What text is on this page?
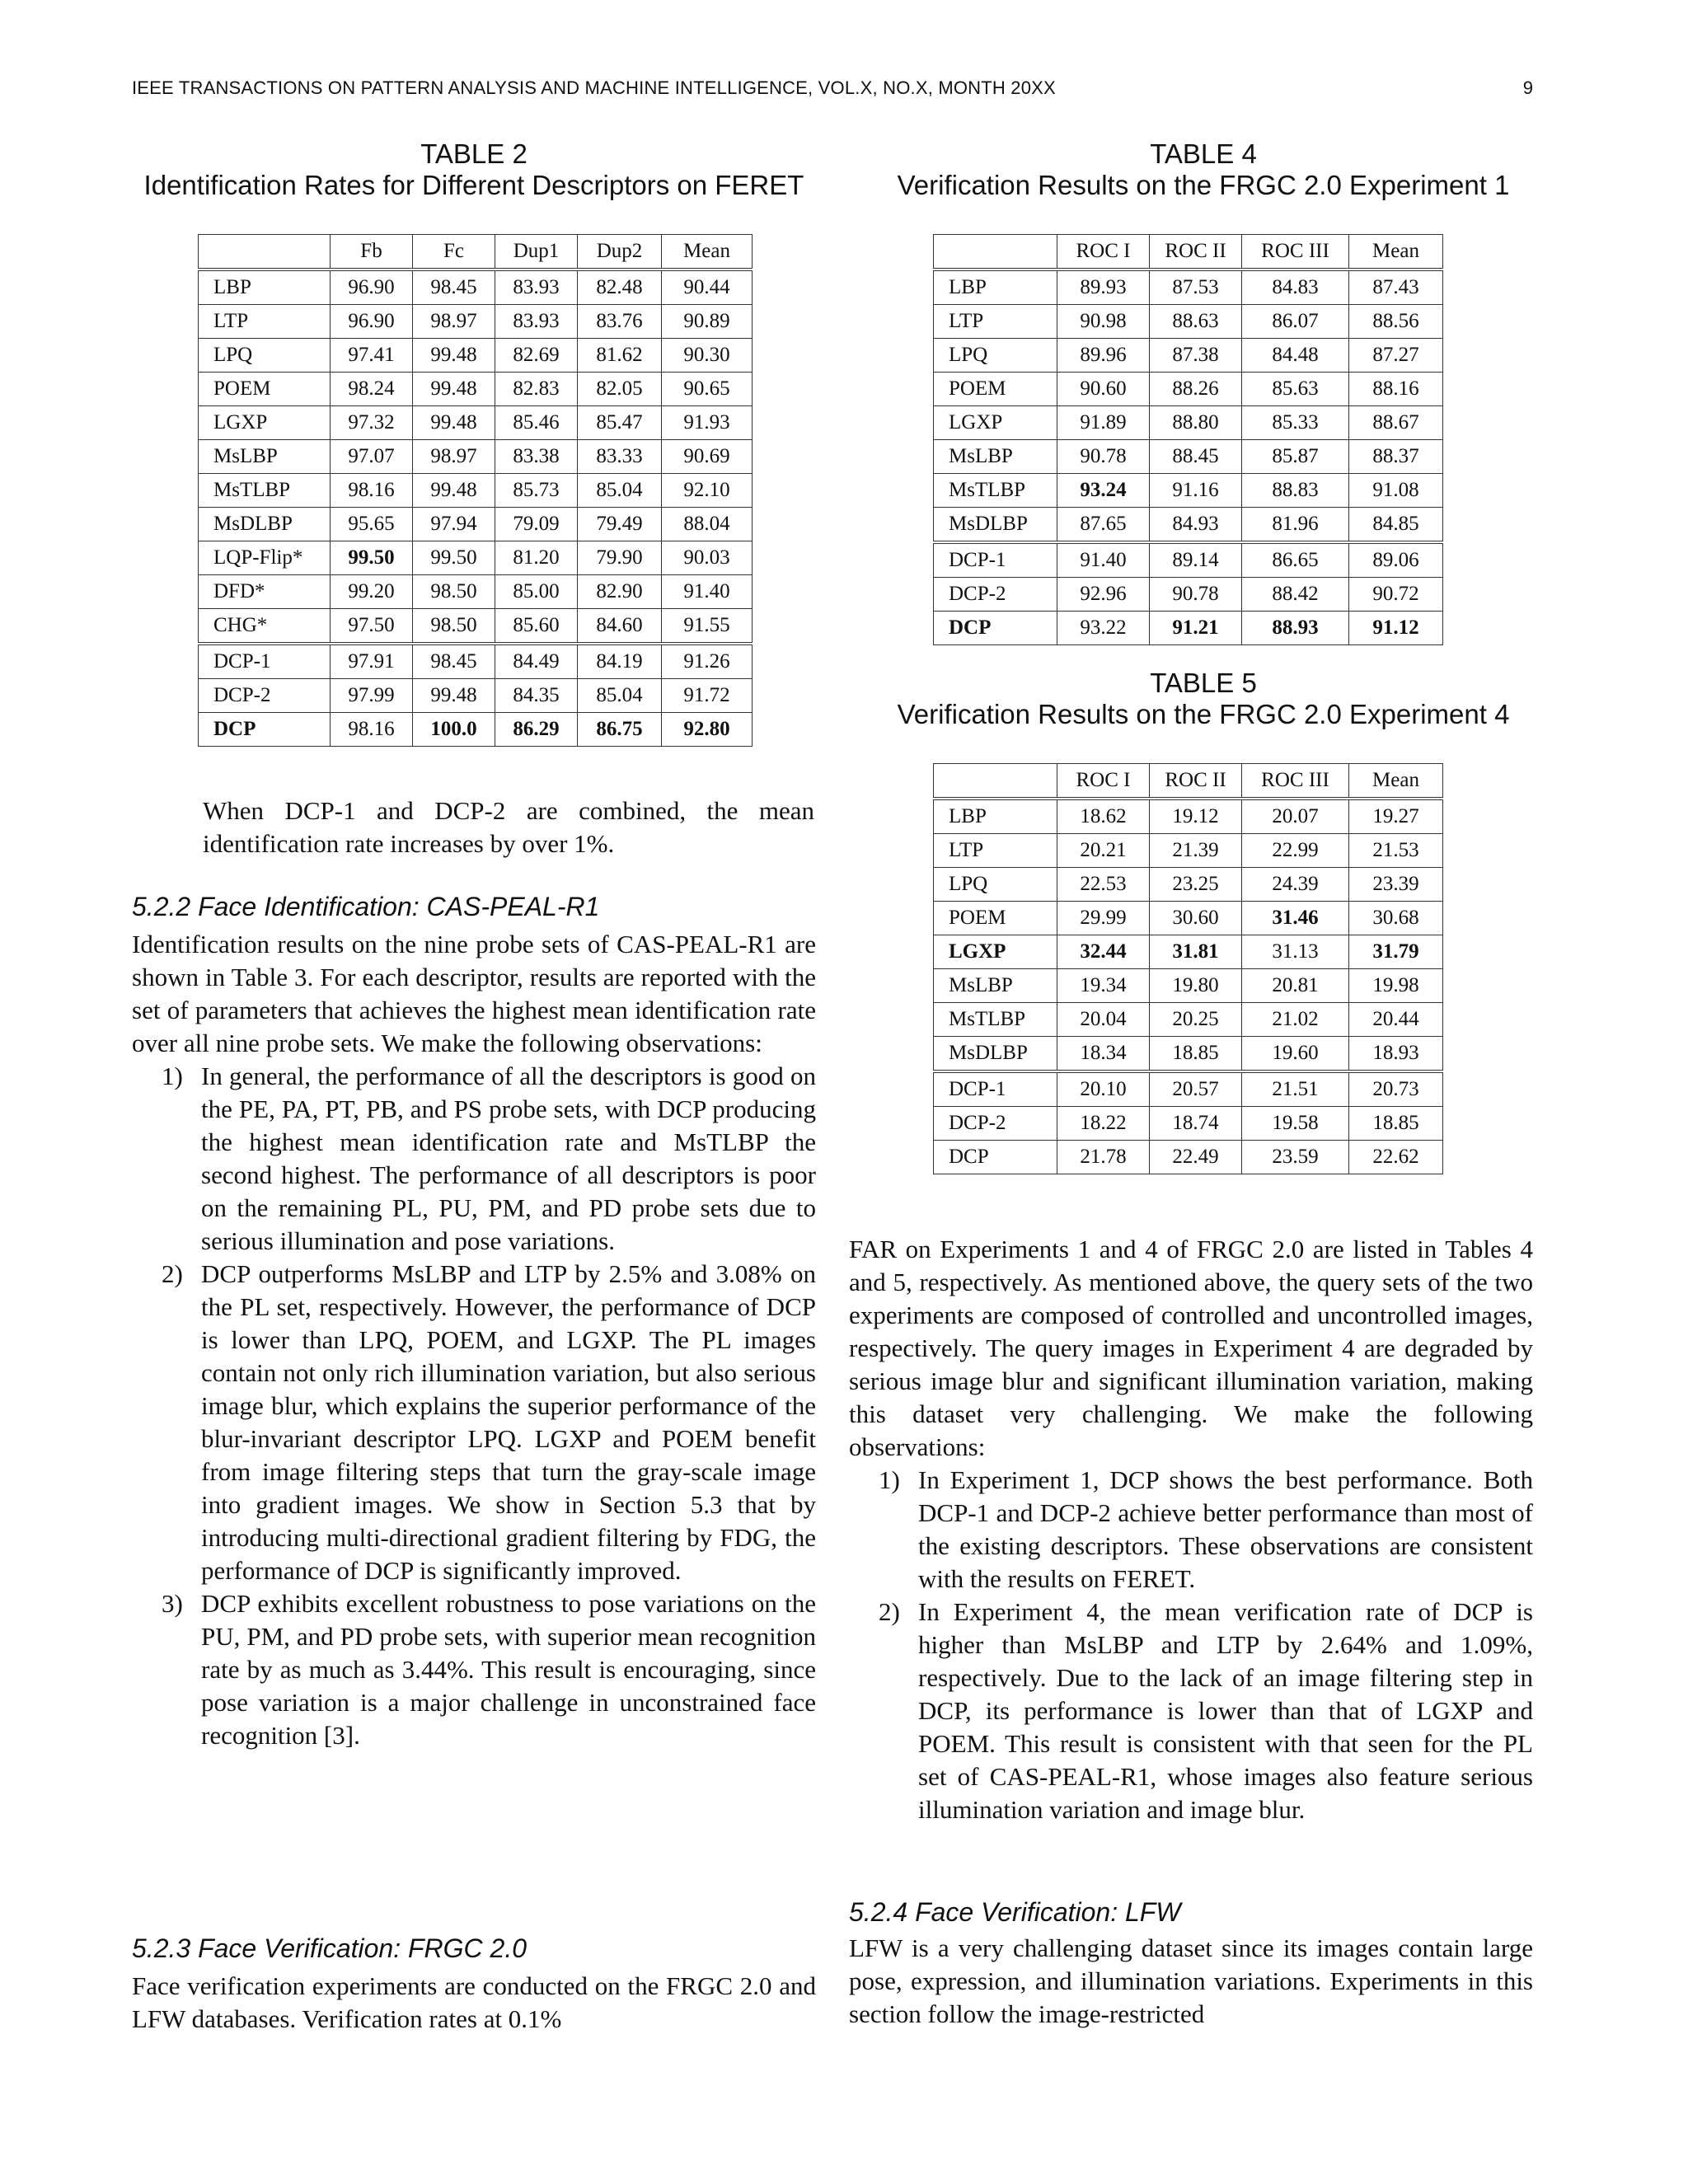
IEEE TRANSACTIONS ON PATTERN ANALYSIS AND MACHINE INTELLIGENCE, VOL.X, NO.X, MONTH 20XX	9
TABLE 2
Identification Rates for Different Descriptors on FERET
	Fb	Fc	Dup1	Dup2	Mean
LBP	96.90	98.45	83.93	82.48	90.44
LTP	96.90	98.97	83.93	83.76	90.89
LPQ	97.41	99.48	82.69	81.62	90.30
POEM	98.24	99.48	82.83	82.05	90.65
LGXP	97.32	99.48	85.46	85.47	91.93
MsLBP	97.07	98.97	83.38	83.33	90.69
MsTLBP	98.16	99.48	85.73	85.04	92.10
MsDLBP	95.65	97.94	79.09	79.49	88.04
LQP-Flip*	99.50	99.50	81.20	79.90	90.03
DFD*	99.20	98.50	85.00	82.90	91.40
CHG*	97.50	98.50	85.60	84.60	91.55
DCP-1	97.91	98.45	84.49	84.19	91.26
DCP-2	97.99	99.48	84.35	85.04	91.72
DCP	98.16	100.0	86.29	86.75	92.80
TABLE 4
Verification Results on the FRGC 2.0 Experiment 1
	ROC I	ROC II	ROC III	Mean
LBP	89.93	87.53	84.83	87.43
LTP	90.98	88.63	86.07	88.56
LPQ	89.96	87.38	84.48	87.27
POEM	90.60	88.26	85.63	88.16
LGXP	91.89	88.80	85.33	88.67
MsLBP	90.78	88.45	85.87	88.37
MsTLBP	93.24	91.16	88.83	91.08
MsDLBP	87.65	84.93	81.96	84.85
DCP-1	91.40	89.14	86.65	89.06
DCP-2	92.96	90.78	88.42	90.72
DCP	93.22	91.21	88.93	91.12
TABLE 5
Verification Results on the FRGC 2.0 Experiment 4
	ROC I	ROC II	ROC III	Mean
LBP	18.62	19.12	20.07	19.27
LTP	20.21	21.39	22.99	21.53
LPQ	22.53	23.25	24.39	23.39
POEM	29.99	30.60	31.46	30.68
LGXP	32.44	31.81	31.13	31.79
MsLBP	19.34	19.80	20.81	19.98
MsTLBP	20.04	20.25	21.02	20.44
MsDLBP	18.34	18.85	19.60	18.93
DCP-1	20.10	20.57	21.51	20.73
DCP-2	18.22	18.74	19.58	18.85
DCP	21.78	22.49	23.59	22.62
When DCP-1 and DCP-2 are combined, the mean identification rate increases by over 1%.
5.2.2 Face Identification: CAS-PEAL-R1
Identification results on the nine probe sets of CAS-PEAL-R1 are shown in Table 3. For each descriptor, results are reported with the set of parameters that achieves the highest mean identification rate over all nine probe sets. We make the following observations:
1) In general, the performance of all the descriptors is good on the PE, PA, PT, PB, and PS probe sets, with DCP producing the highest mean identification rate and MsTLBP the second highest. The performance of all descriptors is poor on the remaining PL, PU, PM, and PD probe sets due to serious illumination and pose variations.
2) DCP outperforms MsLBP and LTP by 2.5% and 3.08% on the PL set, respectively. However, the performance of DCP is lower than LPQ, POEM, and LGXP. The PL images contain not only rich illumination variation, but also serious image blur, which explains the superior performance of the blur-invariant descriptor LPQ. LGXP and POEM benefit from image filtering steps that turn the gray-scale image into gradient images. We show in Section 5.3 that by introducing multi-directional gradient filtering by FDG, the performance of DCP is significantly improved.
3) DCP exhibits excellent robustness to pose variations on the PU, PM, and PD probe sets, with superior mean recognition rate by as much as 3.44%. This result is encouraging, since pose variation is a major challenge in unconstrained face recognition [3].
5.2.3 Face Verification: FRGC 2.0
Face verification experiments are conducted on the FRGC 2.0 and LFW databases. Verification rates at 0.1%
FAR on Experiments 1 and 4 of FRGC 2.0 are listed in Tables 4 and 5, respectively. As mentioned above, the query sets of the two experiments are composed of controlled and uncontrolled images, respectively. The query images in Experiment 4 are degraded by serious image blur and significant illumination variation, making this dataset very challenging. We make the following observations:
1) In Experiment 1, DCP shows the best performance. Both DCP-1 and DCP-2 achieve better performance than most of the existing descriptors. These observations are consistent with the results on FERET.
2) In Experiment 4, the mean verification rate of DCP is higher than MsLBP and LTP by 2.64% and 1.09%, respectively. Due to the lack of an image filtering step in DCP, its performance is lower than that of LGXP and POEM. This result is consistent with that seen for the PL set of CAS-PEAL-R1, whose images also feature serious illumination variation and image blur.
5.2.4 Face Verification: LFW
LFW is a very challenging dataset since its images contain large pose, expression, and illumination variations. Experiments in this section follow the image-restricted
